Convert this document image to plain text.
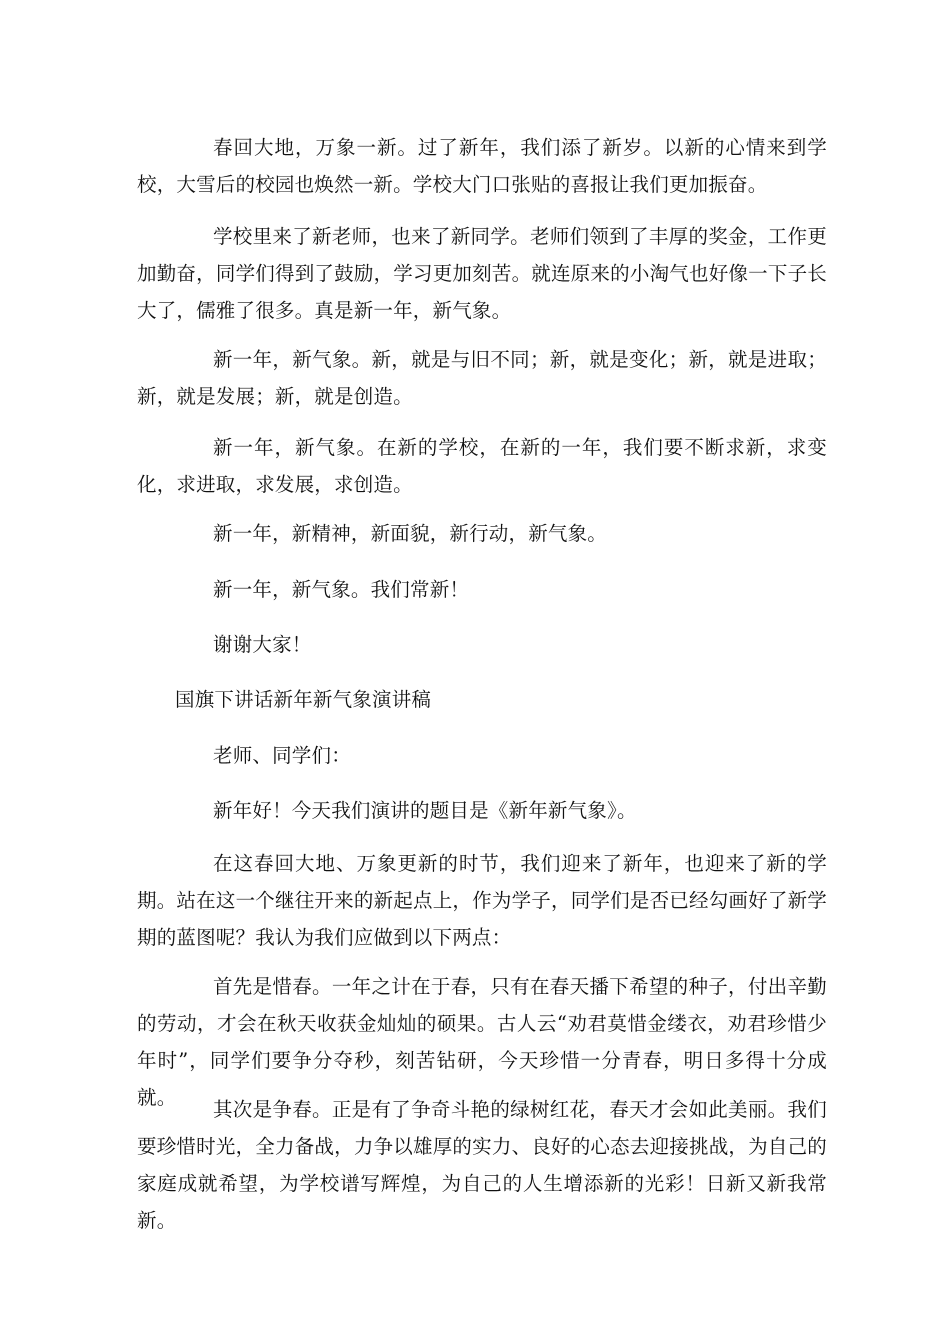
春回大地，万象一新。过了新年，我们添了新岁。以新的心情来到学校，大雪后的校园也焕然一新。学校大门口张贴的喜报让我们更加振奋。

学校里来了新老师，也来了新同学。老师们领到了丰厚的奖金，工作更加勤奋，同学们得到了鼓励，学习更加刻苦。就连原来的小淘气也好像一下子长大了，儒雅了很多。真是新一年，新气象。

新一年，新气象。新，就是与旧不同；新，就是变化；新，就是进取；新，就是发展；新，就是创造。

新一年，新气象。在新的学校，在新的一年，我们要不断求新，求变化，求进取，求发展，求创造。

新一年，新精神，新面貌，新行动，新气象。

新一年，新气象。我们常新！

谢谢大家！

国旗下讲话新年新气象演讲稿

老师、同学们：

新年好！今天我们演讲的题目是《新年新气象》。

在这春回大地、万象更新的时节，我们迎来了新年，也迎来了新的学期。站在这一个继往开来的新起点上，作为学子，同学们是否已经勾画好了新学期的蓝图呢？我认为我们应做到以下两点：

首先是惜春。一年之计在于春，只有在春天播下希望的种子，付出辛勤的劳动，才会在秋天收获金灿灿的硕果。古人云“劝君莫惜金缕衣，劝君珍惜少年时”，同学们要争分夺秒，刻苦钻研，今天珍惜一分青春，明日多得十分成就。

其次是争春。正是有了争奇斗艳的绿树红花，春天才会如此美丽。我们要珍惜时光，全力备战，力争以雄厚的实力、良好的心态去迎接挑战，为自己的家庭成就希望，为学校谱写辉煌，为自己的人生增添新的光彩！日新又新我常新。
